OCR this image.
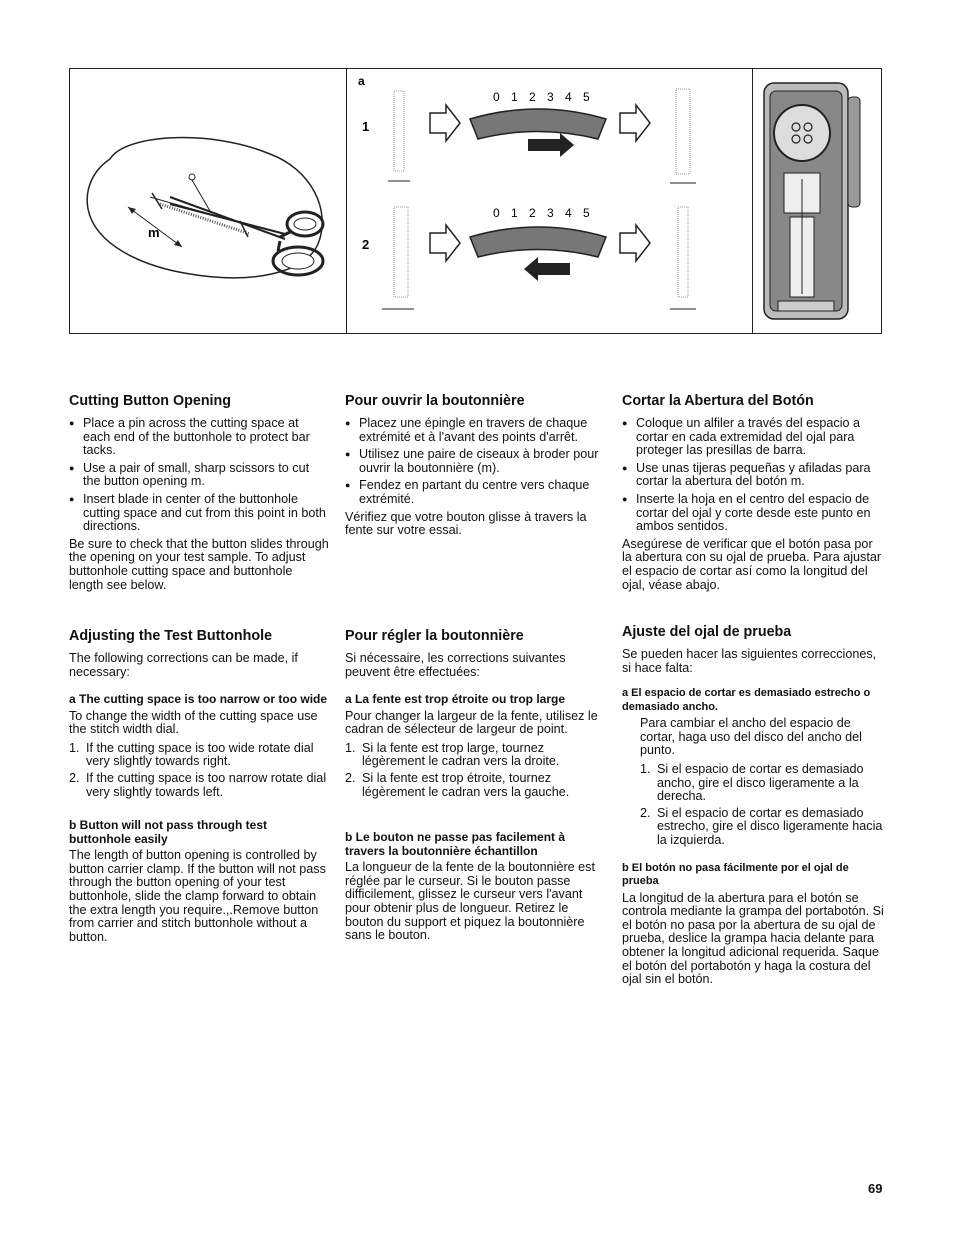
m
a
1
2
0 1 2 3 4 5
0 1 2 3 4 5
Cutting Button Opening
● Place a pin across the cutting space at each end of the buttonhole to protect bar tacks.
● Use a pair of small, sharp scissors to cut the button opening m.
● Insert blade in center of the buttonhole cutting space and cut from this point in both directions.

Be sure to check that the button slides through the opening on your test sample. To adjust buttonhole cutting space and buttonhole length see below.

Pour ouvrir la boutonnière
● Placez une épingle en travers de chaque extrémité et à l'avant des points d'arrêt.
● Utilisez une paire de ciseaux à broder pour ouvrir la boutonnière (m).
● Fendez en partant du centre vers chaque extrémité.

Vérifiez que votre bouton glisse à travers la fente sur votre essai.

Cortar la Abertura del Botón
● Coloque un alfiler a través del espacio a cortar en cada extremidad del ojal para proteger las presillas de barra.
● Use unas tijeras pequeñas y afiladas para cortar la abertura del botón m.
● Inserte la hoja en el centro del espacio de cortar del ojal y corte desde este punto en ambos sentidos.

Asegúrese de verificar que el botón pasa por la abertura con su ojal de prueba. Para ajustar el espacio de cortar así como la longitud del ojal, véase abajo.

Adjusting the Test Buttonhole

The following corrections can be made, if necessary:

a The cutting space is too narrow or too wide

To change the width of the cutting space use the stitch width dial.

1. If the cutting space is too wide rotate dial very slightly towards right.
2. If the cutting space is too narrow rotate dial very slightly towards left.
b Button will not pass through test buttonhole easily

The length of button opening is controlled by button carrier clamp. If the button will not pass through the button opening of your test buttonhole, slide the clamp forward to obtain the extra length you require.,.Remove button from carrier and stitch buttonhole without a button.

Pour régler la boutonnière

Si nécessaire, les corrections suivantes peuvent être effectuées:

a La fente est trop étroite ou trop large

Pour changer la largeur de la fente, utilisez le cadran de sélecteur de largeur de point.

1. Si la fente est trop large, tournez légèrement le cadran vers la droite.
2. Si la fente est trop étroite, tournez légèrement le cadran vers la gauche.
b Le bouton ne passe pas facilement à travers la boutonnière échantillon

La longueur de la fente de la boutonnière est réglée par le curseur. Si le bouton passe difficilement, glissez le curseur vers l'avant pour obtenir plus de longueur. Retirez le bouton du support et piquez la boutonnière sans le bouton.

Ajuste del ojal de prueba

Se pueden hacer las siguientes correcciones, si hace falta:

a El espacio de cortar es demasiado estrecho o demasiado ancho.

Para cambiar el ancho del espacio de cortar, haga uso del disco del ancho del punto.

1. Si el espacio de cortar es demasiado ancho, gire el disco ligeramente a la derecha.
2. Si el espacio de cortar es demasiado estrecho, gire el disco ligeramente hacia la izquierda.
b El botón no pasa fácilmente por el ojal de prueba

La longitud de la abertura para el botón se controla mediante la grampa del portabotón. Si el botón no pasa por la abertura de su ojal de prueba, deslice la grampa hacia delante para obtener la longitud adicional requerida. Saque el botón del portabotón y haga la costura del ojal sin el botón.

69
